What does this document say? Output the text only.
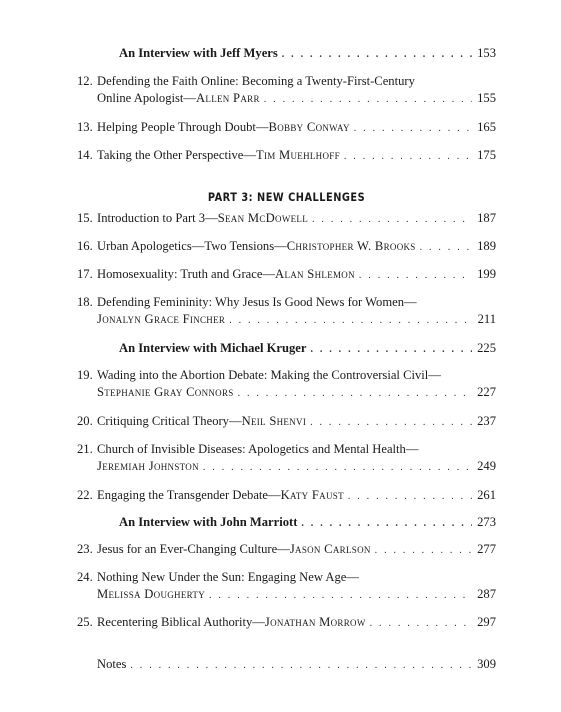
An Interview with Jeff Myers . . .	153
12. Defending the Faith Online: Becoming a Twenty-First-Century
Online Apologist— Allen Parr . . .	155
13. Helping People Through Doubt— Bobby Conway . . .	165
14. Taking the Other Perspective— Tim Muehlhoff . . .	175
PART 3: NEW CHALLENGES
15. Introduction to Part 3— Sean McDowell . . .	187
16. Urban Apologetics—Two Tensions— Christopher W. Brooks . . .	189
17. Homosexuality: Truth and Grace— Alan Shlemon . . .	199
18. Defending Femininity: Why Jesus Is Good News for Women—
Jonalyn Grace Fincher . . .	211
An Interview with Michael Kruger . . .	225
19. Wading into the Abortion Debate: Making the Controversial Civil—
Stephanie Gray Connors . . .	227
20. Critiquing Critical Theory— Neil Shenvi . . .	237
21. Church of Invisible Diseases: Apologetics and Mental Health—
Jeremiah Johnston . . .	249
22. Engaging the Transgender Debate— Katy Faust . . .	261
An Interview with John Marriott . . .	273
23. Jesus for an Ever-Changing Culture— Jason Carlson . . .	277
24. Nothing New Under the Sun: Engaging New Age—
Melissa Dougherty . . .	287
25. Recentering Biblical Authority— Jonathan Morrow . . .	297
Notes . . .	309
